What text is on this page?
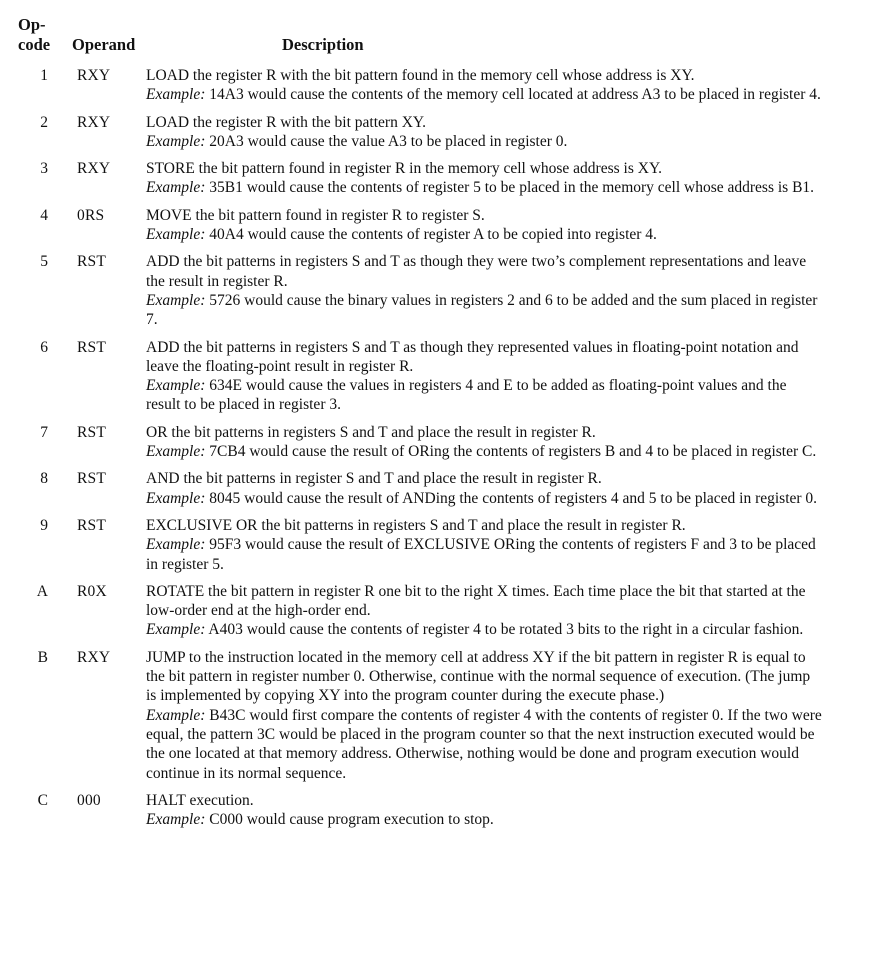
Op-
code	Operand	Description
1 RXY	LOAD the register R with the bit pattern found in the memory cell whose address is XY.
Example: 14A3 would cause the contents of the memory cell located at address A3 to be placed in register 4.
2 RXY	LOAD the register R with the bit pattern XY.
Example: 20A3 would cause the value A3 to be placed in register 0.
3 RXY	STORE the bit pattern found in register R in the memory cell whose address is XY.
Example: 35B1 would cause the contents of register 5 to be placed in the memory cell whose address is B1.
4 0RS	MOVE the bit pattern found in register R to register S.
Example: 40A4 would cause the contents of register A to be copied into register 4.
5 RST	ADD the bit patterns in registers S and T as though they were two’s complement representations and leave the result in register R.
Example: 5726 would cause the binary values in registers 2 and 6 to be added and the sum placed in register 7.
6 RST	ADD the bit patterns in registers S and T as though they represented values in floating-point notation and leave the floating-point result in register R.
Example: 634E would cause the values in registers 4 and E to be added as floating-point values and the result to be placed in register 3.
7 RST	OR the bit patterns in registers S and T and place the result in register R.
Example: 7CB4 would cause the result of ORing the contents of registers B and 4 to be placed in register C.
8 RST	AND the bit patterns in register S and T and place the result in register R.
Example: 8045 would cause the result of ANDing the contents of registers 4 and 5 to be placed in register 0.
9 RST	EXCLUSIVE OR the bit patterns in registers S and T and place the result in register R.
Example: 95F3 would cause the result of EXCLUSIVE ORing the contents of registers F and 3 to be placed in register 5.
A R0X	ROTATE the bit pattern in register R one bit to the right X times. Each time place the bit that started at the low-order end at the high-order end.
Example: A403 would cause the contents of register 4 to be rotated 3 bits to the right in a circular fashion.
B RXY	JUMP to the instruction located in the memory cell at address XY if the bit pattern in register R is equal to the bit pattern in register number 0. Otherwise, continue with the normal sequence of execution. (The jump is implemented by copying XY into the program counter during the execute phase.)
Example: B43C would first compare the contents of register 4 with the contents of register 0. If the two were equal, the pattern 3C would be placed in the program counter so that the next instruction executed would be the one located at that memory address. Otherwise, nothing would be done and program execution would continue in its normal sequence.
C 000	HALT execution.
Example: C000 would cause program execution to stop.
